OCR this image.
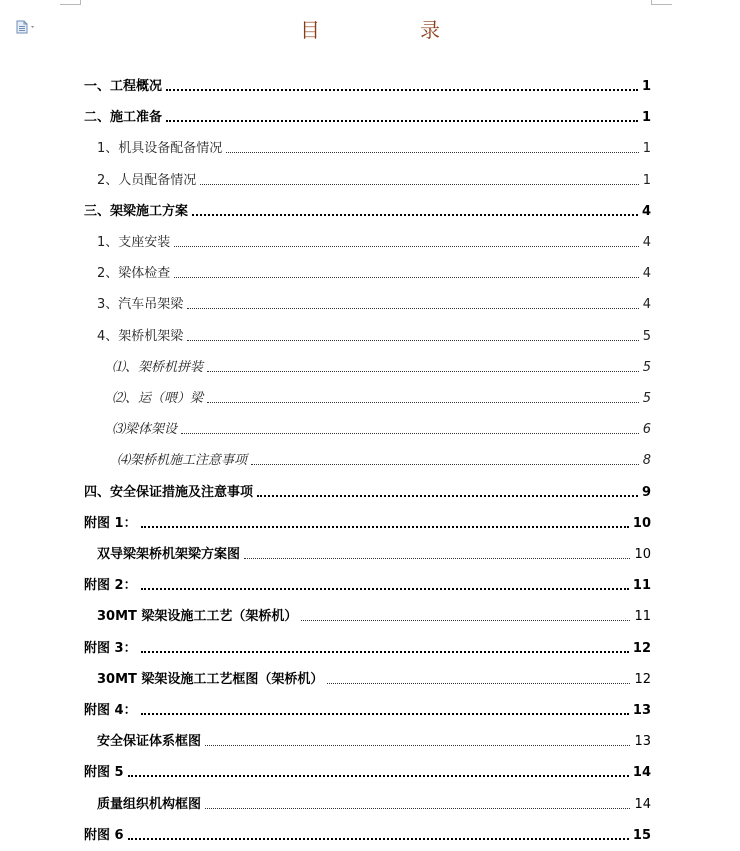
目　录
一、工程概况	1
二、施工准备	1
1、机具设备配备情况	1
2、人员配备情况	1
三、架梁施工方案	4
1、支座安装	4
2、梁体检查	4
3、汽车吊架梁	4
4、架桥机架梁	5
⑴、架桥机拼装	5
⑵、运（喂）梁	5
⑶梁体架设	6
⑷架桥机施工注意事项	8
四、安全保证措施及注意事项	9
附图 1：	10
双导梁架桥机架梁方案图	10
附图 2：	11
30MT 梁架设施工工艺（架桥机）	11
附图 3：	12
30MT 梁架设施工工艺框图（架桥机）	12
附图 4：	13
安全保证体系框图	13
附图 5	14
质量组织机构框图	14
附图 6	15
